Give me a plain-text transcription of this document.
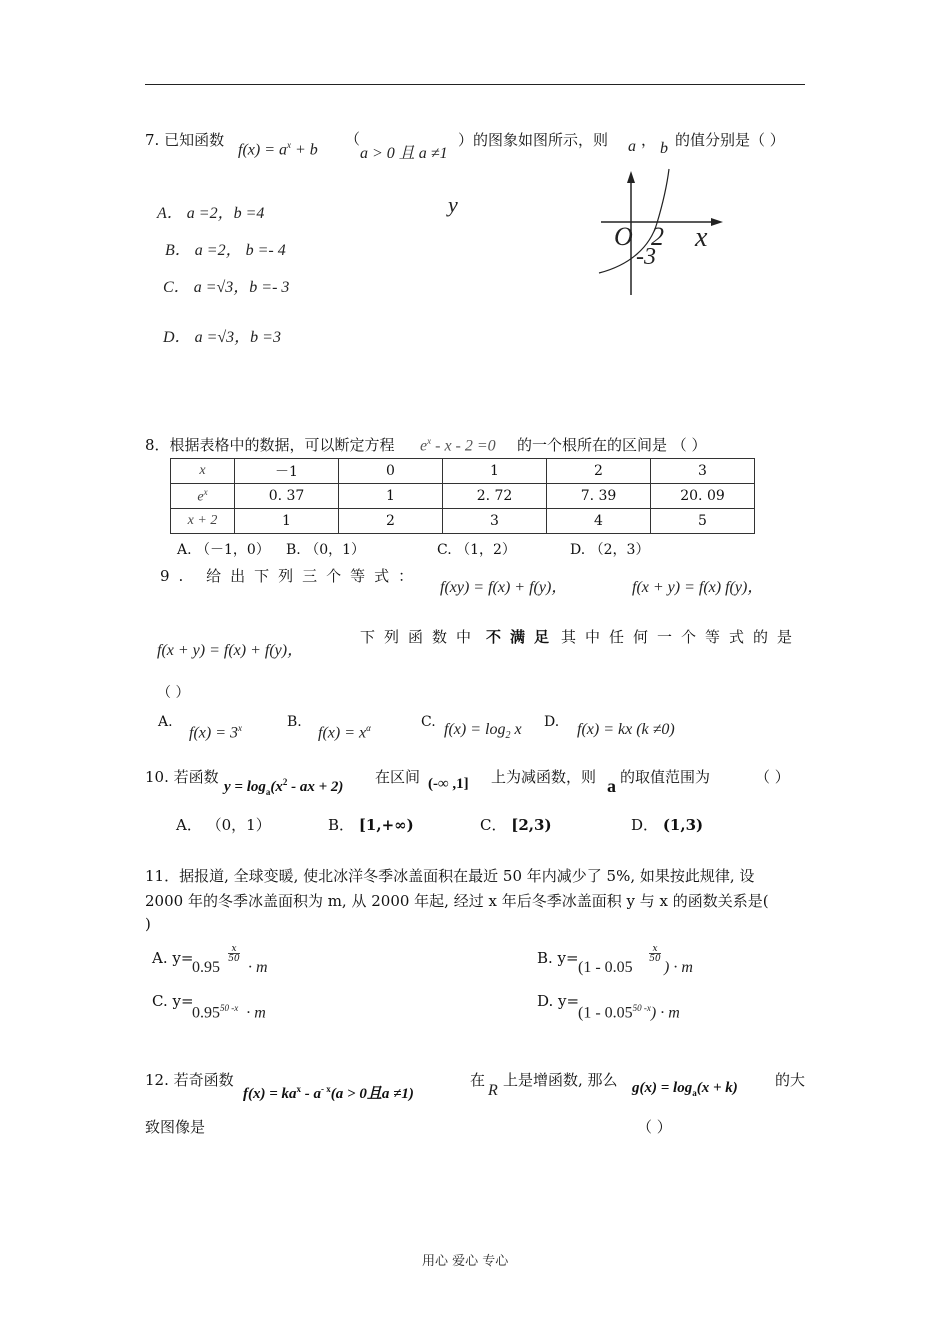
7. 已知函数
$f(x) = a^x + b$
（
a > 0 且 a ≠1
）的图象如图所示，则 a ， b 的值分别是（ ）
A． a =2，b =4
B． a =2， b =- 4
C． a =√3，b =- 3
D． a =√3，b =3
y
O 2 x
-3
8．根据表格中的数据，可以断定方程 $e^x - x - 2 =0$ 的一个根所在的区间是 （ ）
x	－1	0	1	2	3
$e^x$	0. 37	1	2. 72	7. 39	20. 09
x + 2	1	2	3	4	5
A. （－1，0） B. （0，1）	C. （1，2）	D. （2，3）
9. 给出下列三个等式：
f(xy) = f(x) + f(y)，	f(x + y) = f(x) f(y)，
f(x + y) = f(x) + f(y)，
下列函数中 不满足 其中任何一个等式的是
（ ）
A.
$f(x) = 3^x$	B.
$f(x) = x^\alpha$	C. $f(x) = \log_2 x$ D. f(x) = kx (k ≠0)
10. 若函数
$y = \log_a(x^2$ - ax + 2)
在区间 (-∞ ,1] 上为减函数，则 a 的取值范围为	（ ）
A． （0，1）	B． [1,+∞)	C． [2,3)	D． (1,3)
11．据报道, 全球变暖, 使北冰洋冬季冰盖面积在最近 50 年内减少了 5%, 如果按此规律, 设
2000 年的冬季冰盖面积为 m, 从 2000 年起, 经过 x 年后冬季冰盖面积 y 与 x 的函数关系是(
)
A. y=
0.95
x
50 · m
B. y=
(1 - 0.05
x
50 ) · m
C. y=
$0.95^{50 -x} \cdot m$
D. y=
$(1 - 0.05^{50 -x}) \cdot m$
12. 若奇函数
$f(x) = ka^x - a^{- x}(a > 0$且a ≠1)
在
R
上是增函数, 那么 $g(x) = \log_a(x + k)$ 的大
致图像是	（ ）
用心 爱心 专心
